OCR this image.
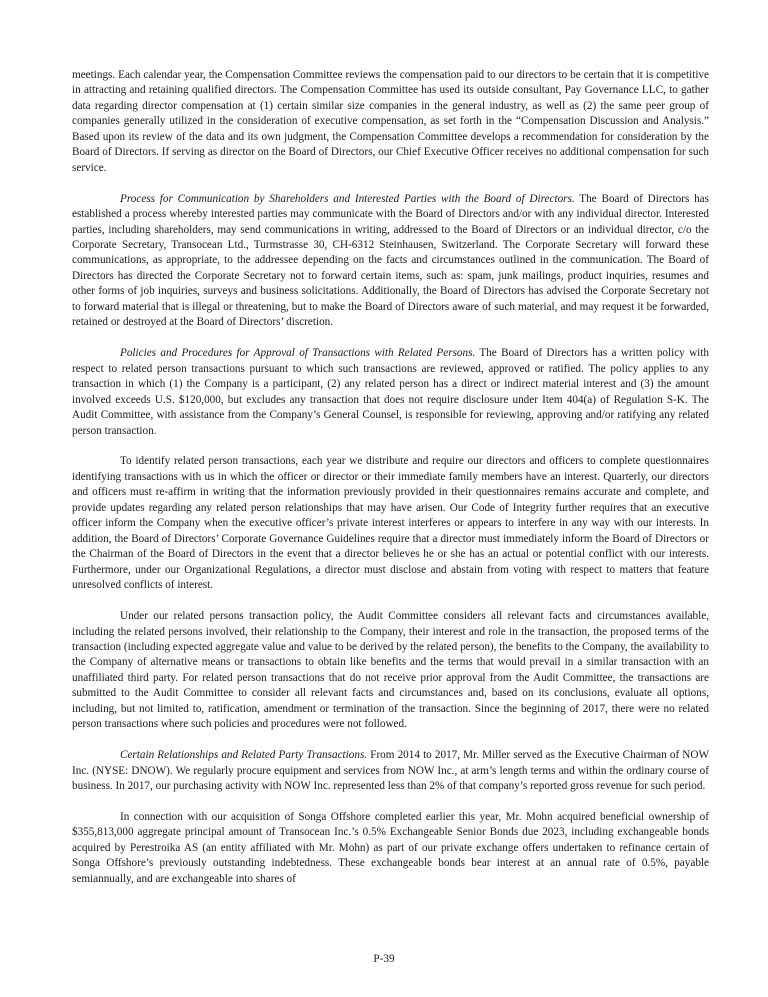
meetings. Each calendar year, the Compensation Committee reviews the compensation paid to our directors to be certain that it is competitive in attracting and retaining qualified directors. The Compensation Committee has used its outside consultant, Pay Governance LLC, to gather data regarding director compensation at (1) certain similar size companies in the general industry, as well as (2) the same peer group of companies generally utilized in the consideration of executive compensation, as set forth in the “Compensation Discussion and Analysis.” Based upon its review of the data and its own judgment, the Compensation Committee develops a recommendation for consideration by the Board of Directors. If serving as director on the Board of Directors, our Chief Executive Officer receives no additional compensation for such service.

Process for Communication by Shareholders and Interested Parties with the Board of Directors. The Board of Directors has established a process whereby interested parties may communicate with the Board of Directors and/or with any individual director. Interested parties, including shareholders, may send communications in writing, addressed to the Board of Directors or an individual director, c/o the Corporate Secretary, Transocean Ltd., Turmstrasse 30, CH-6312 Steinhausen, Switzerland. The Corporate Secretary will forward these communications, as appropriate, to the addressee depending on the facts and circumstances outlined in the communication. The Board of Directors has directed the Corporate Secretary not to forward certain items, such as: spam, junk mailings, product inquiries, resumes and other forms of job inquiries, surveys and business solicitations. Additionally, the Board of Directors has advised the Corporate Secretary not to forward material that is illegal or threatening, but to make the Board of Directors aware of such material, and may request it be forwarded, retained or destroyed at the Board of Directors’ discretion.

Policies and Procedures for Approval of Transactions with Related Persons. The Board of Directors has a written policy with respect to related person transactions pursuant to which such transactions are reviewed, approved or ratified. The policy applies to any transaction in which (1) the Company is a participant, (2) any related person has a direct or indirect material interest and (3) the amount involved exceeds U.S. $120,000, but excludes any transaction that does not require disclosure under Item 404(a) of Regulation S-K. The Audit Committee, with assistance from the Company’s General Counsel, is responsible for reviewing, approving and/or ratifying any related person transaction.

To identify related person transactions, each year we distribute and require our directors and officers to complete questionnaires identifying transactions with us in which the officer or director or their immediate family members have an interest. Quarterly, our directors and officers must re-affirm in writing that the information previously provided in their questionnaires remains accurate and complete, and provide updates regarding any related person relationships that may have arisen. Our Code of Integrity further requires that an executive officer inform the Company when the executive officer’s private interest interferes or appears to interfere in any way with our interests. In addition, the Board of Directors’ Corporate Governance Guidelines require that a director must immediately inform the Board of Directors or the Chairman of the Board of Directors in the event that a director believes he or she has an actual or potential conflict with our interests. Furthermore, under our Organizational Regulations, a director must disclose and abstain from voting with respect to matters that feature unresolved conflicts of interest.

Under our related persons transaction policy, the Audit Committee considers all relevant facts and circumstances available, including the related persons involved, their relationship to the Company, their interest and role in the transaction, the proposed terms of the transaction (including expected aggregate value and value to be derived by the related person), the benefits to the Company, the availability to the Company of alternative means or transactions to obtain like benefits and the terms that would prevail in a similar transaction with an unaffiliated third party. For related person transactions that do not receive prior approval from the Audit Committee, the transactions are submitted to the Audit Committee to consider all relevant facts and circumstances and, based on its conclusions, evaluate all options, including, but not limited to, ratification, amendment or termination of the transaction. Since the beginning of 2017, there were no related person transactions where such policies and procedures were not followed.

Certain Relationships and Related Party Transactions. From 2014 to 2017, Mr. Miller served as the Executive Chairman of NOW Inc. (NYSE: DNOW). We regularly procure equipment and services from NOW Inc., at arm’s length terms and within the ordinary course of business. In 2017, our purchasing activity with NOW Inc. represented less than 2% of that company’s reported gross revenue for such period.

In connection with our acquisition of Songa Offshore completed earlier this year, Mr. Mohn acquired beneficial ownership of $355,813,000 aggregate principal amount of Transocean Inc.’s 0.5% Exchangeable Senior Bonds due 2023, including exchangeable bonds acquired by Perestroika AS (an entity affiliated with Mr. Mohn) as part of our private exchange offers undertaken to refinance certain of Songa Offshore’s previously outstanding indebtedness. These exchangeable bonds bear interest at an annual rate of 0.5%, payable semiannually, and are exchangeable into shares of

P-39
